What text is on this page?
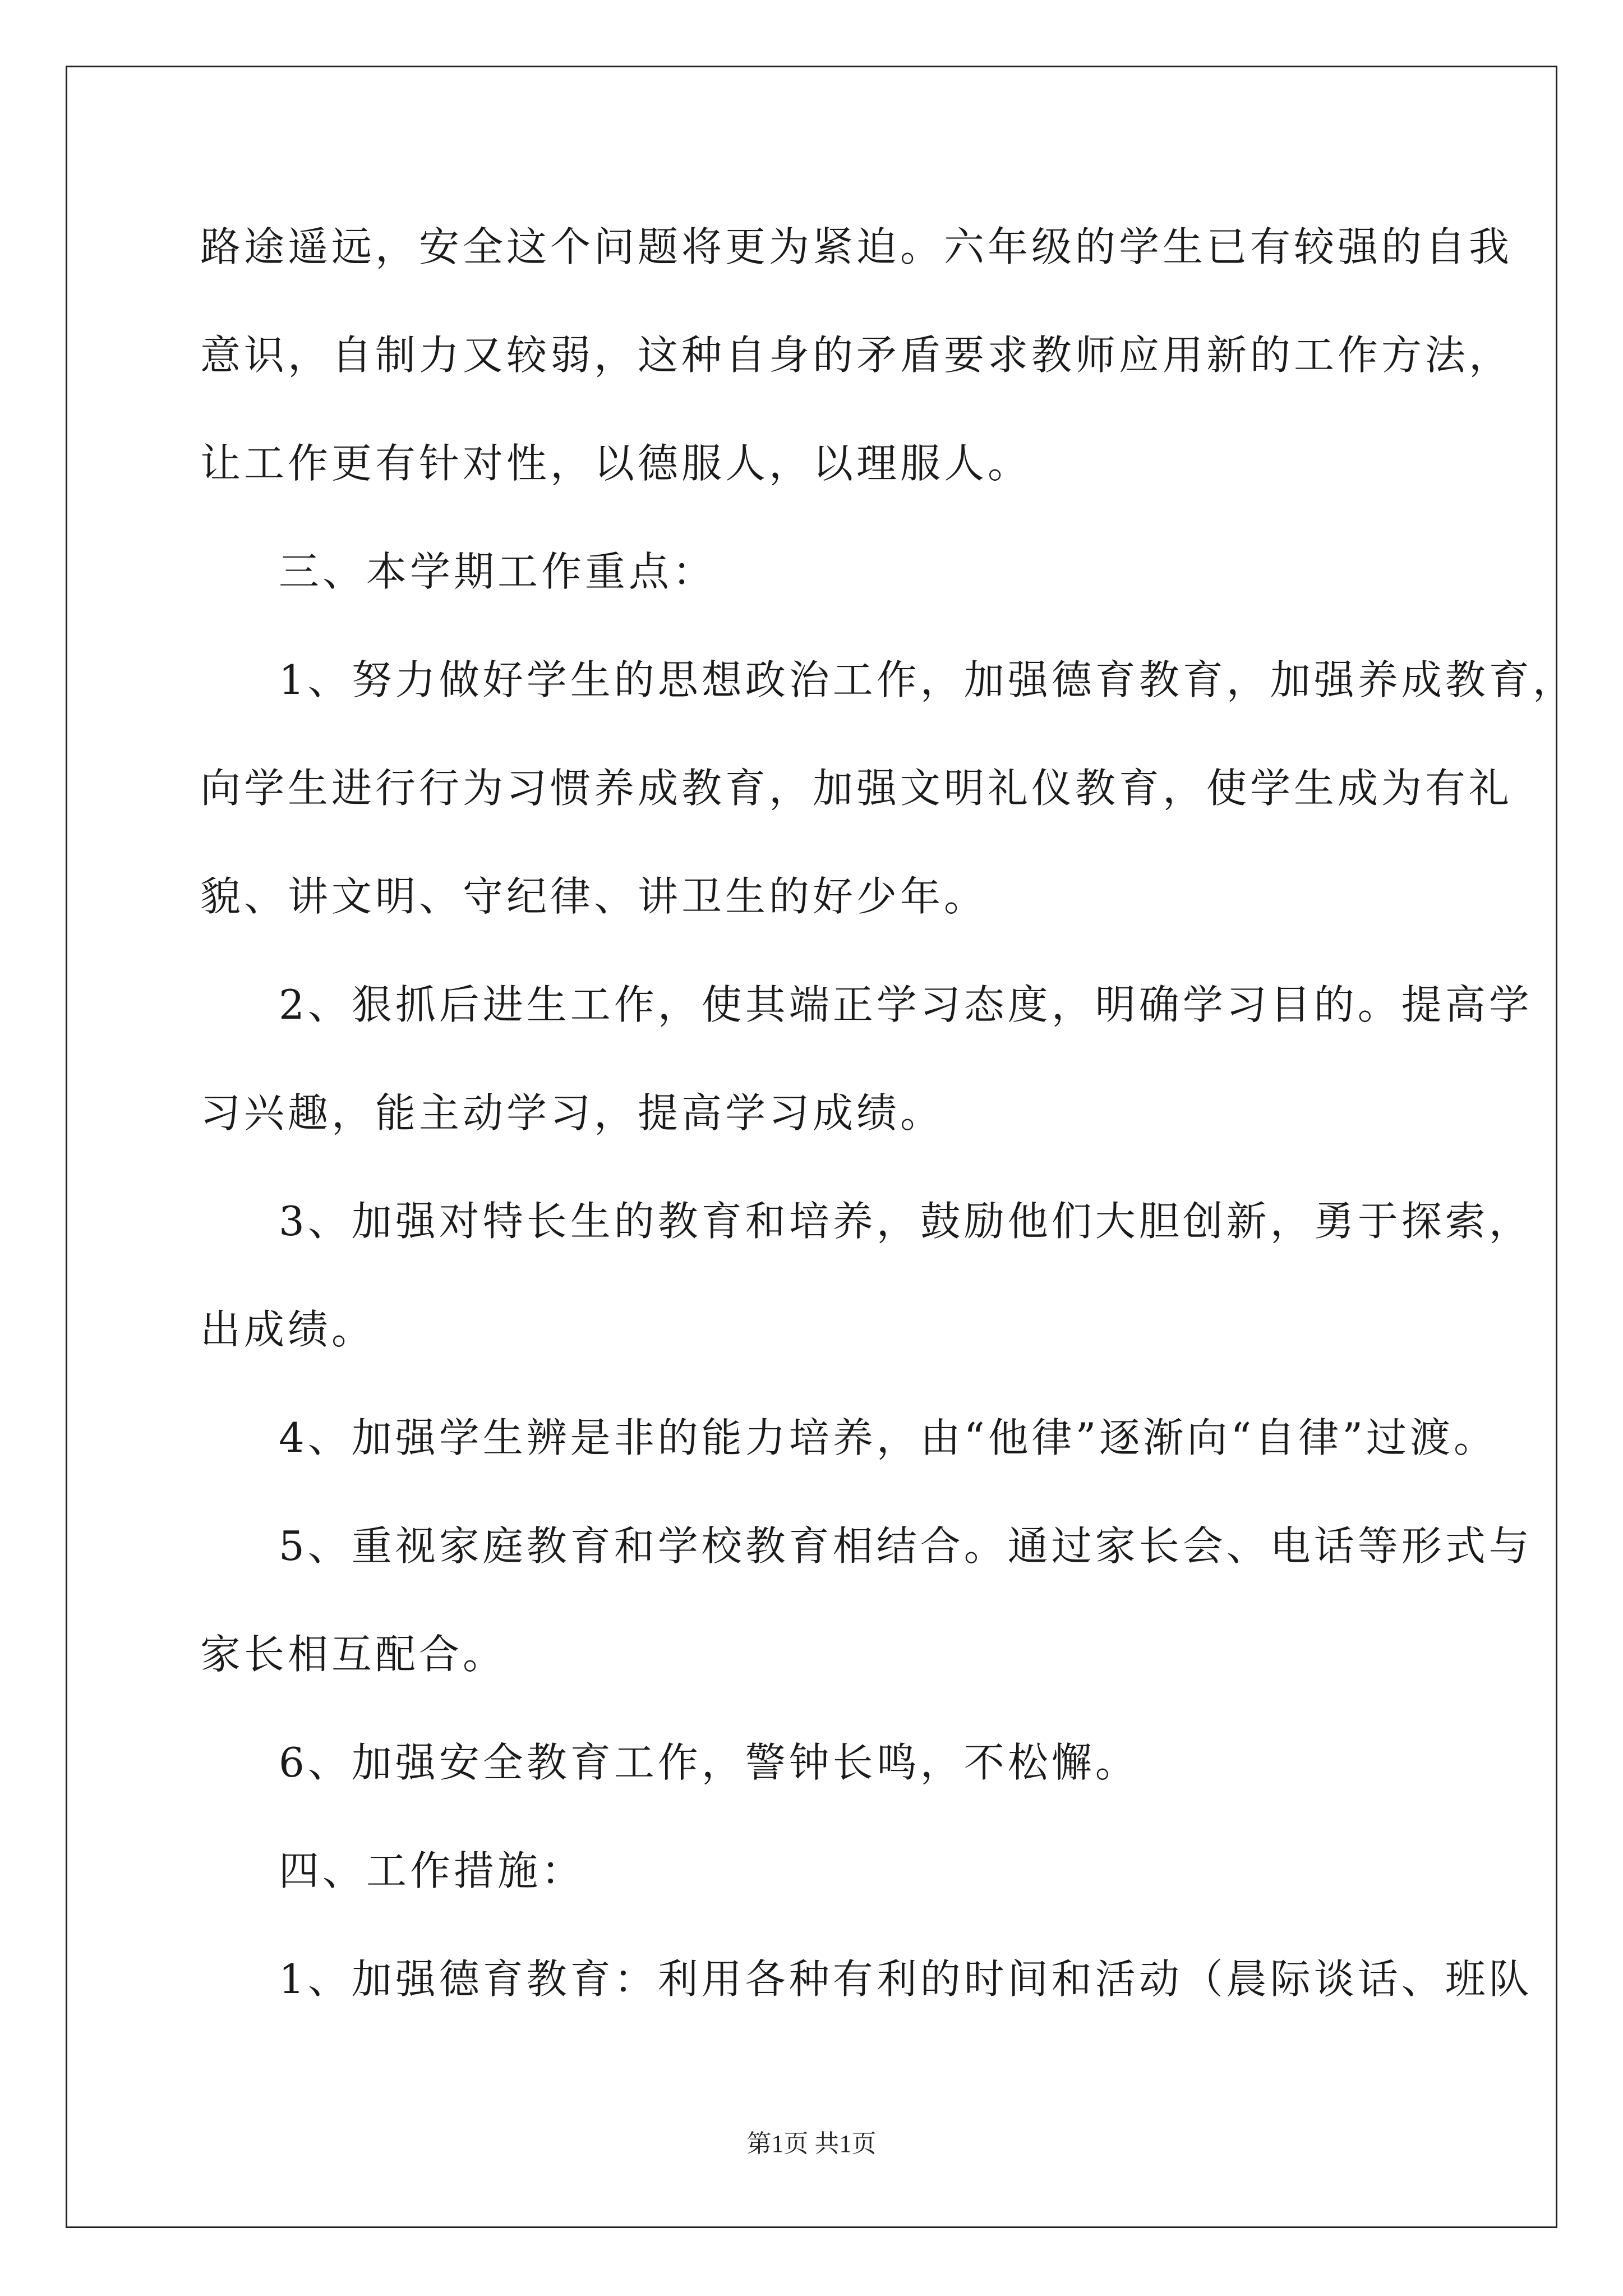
路途遥远，安全这个问题将更为紧迫。六年级的学生已有较强的自我
意识，自制力又较弱，这种自身的矛盾要求教师应用新的工作方法，
让工作更有针对性，以德服人，以理服人。
三、本学期工作重点：
1、努力做好学生的思想政治工作，加强德育教育，加强养成教育，
向学生进行行为习惯养成教育，加强文明礼仪教育，使学生成为有礼
貌、讲文明、守纪律、讲卫生的好少年。
2、狠抓后进生工作，使其端正学习态度，明确学习目的。提高学
习兴趣，能主动学习，提高学习成绩。
3、加强对特长生的教育和培养，鼓励他们大胆创新，勇于探索，
出成绩。
4、加强学生辨是非的能力培养，由“他律”逐渐向“自律”过渡。
5、重视家庭教育和学校教育相结合。通过家长会、电话等形式与
家长相互配合。
6、加强安全教育工作，警钟长鸣，不松懈。
四、工作措施：
1、加强德育教育：利用各种有利的时间和活动（晨际谈话、班队
第1页 共1页
